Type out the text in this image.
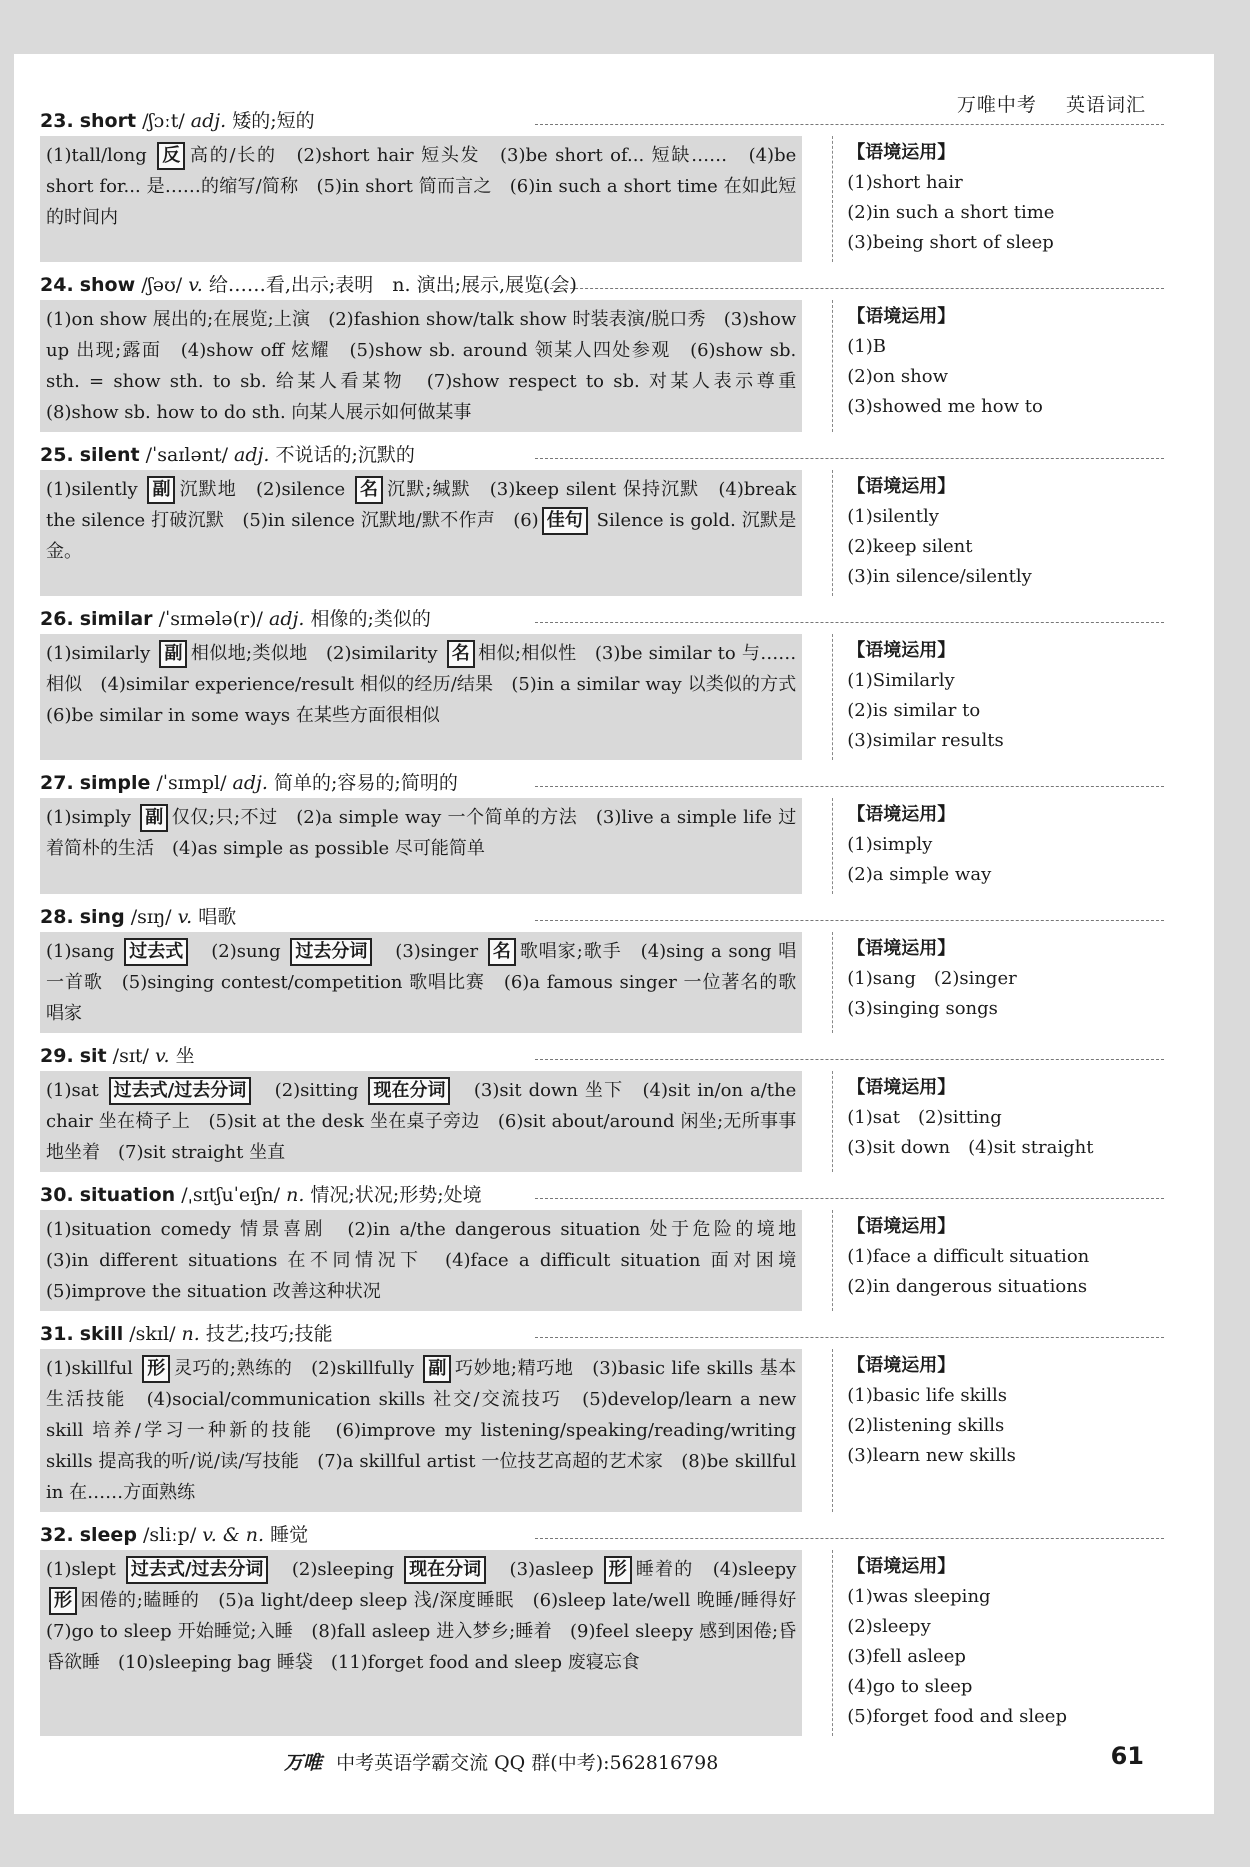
万唯中考 英语词汇
23. short /ʃɔːt/ adj. 矮的;短的
(1)tall/long 反 高的/长的　(2)short hair 短头发　(3)be short of... 短缺……　(4)be short for... 是……的缩写/简称　(5)in short 简而言之　(6)in such a short time 在如此短的时间内
【语境运用】
(1)short hair
(2)in such a short time
(3)being short of sleep
24. show /ʃəʊ/ v. 给……看,出示;表明　n. 演出;展示,展览(会)
(1)on show 展出的;在展览;上演　(2)fashion show/talk show 时装表演/脱口秀　(3)show up 出现;露面　(4)show off 炫耀　(5)show sb. around 领某人四处参观　(6)show sb. sth. = show sth. to sb. 给某人看某物　(7)show respect to sb. 对某人表示尊重　(8)show sb. how to do sth. 向某人展示如何做某事
【语境运用】
(1)B
(2)on show
(3)showed me how to
25. silent /ˈsaɪlənt/ adj. 不说话的;沉默的
(1)silently 副 沉默地　(2)silence 名 沉默;缄默　(3)keep silent 保持沉默　(4)break the silence 打破沉默　(5)in silence 沉默地/默不作声　(6) 佳句 Silence is gold. 沉默是金。
【语境运用】
(1)silently
(2)keep silent
(3)in silence/silently
26. similar /ˈsɪmələ(r)/ adj. 相像的;类似的
(1)similarly 副 相似地;类似地　(2)similarity 名 相似;相似性　(3)be similar to 与……相似　(4)similar experience/result 相似的经历/结果　(5)in a similar way 以类似的方式　(6)be similar in some ways 在某些方面很相似
【语境运用】
(1)Similarly
(2)is similar to
(3)similar results
27. simple /ˈsɪmpl/ adj. 简单的;容易的;简明的
(1)simply 副 仅仅;只;不过　(2)a simple way 一个简单的方法　(3)live a simple life 过着简朴的生活　(4)as simple as possible 尽可能简单
【语境运用】
(1)simply
(2)a simple way
28. sing /sɪŋ/ v. 唱歌
(1)sang 过去式　(2)sung 过去分词　(3)singer 名 歌唱家;歌手　(4)sing a song 唱一首歌　(5)singing contest/competition 歌唱比赛　(6)a famous singer 一位著名的歌唱家
【语境运用】
(1)sang　(2)singer
(3)singing songs
29. sit /sɪt/ v. 坐
(1)sat 过去式/过去分词　(2)sitting 现在分词　(3)sit down 坐下　(4)sit in/on a/the chair 坐在椅子上　(5)sit at the desk 坐在桌子旁边　(6)sit about/around 闲坐;无所事事地坐着　(7)sit straight 坐直
【语境运用】
(1)sat　(2)sitting
(3)sit down　(4)sit straight
30. situation /ˌsɪtʃuˈeɪʃn/ n. 情况;状况;形势;处境
(1)situation comedy 情景喜剧　(2)in a/the dangerous situation 处于危险的境地　(3)in different situations 在不同情况下　(4)face a difficult situation 面对困境　(5)improve the situation 改善这种状况
【语境运用】
(1)face a difficult situation
(2)in dangerous situations
31. skill /skɪl/ n. 技艺;技巧;技能
(1)skillful 形 灵巧的;熟练的　(2)skillfully 副 巧妙地;精巧地　(3)basic life skills 基本生活技能　(4)social/communication skills 社交/交流技巧　(5)develop/learn a new skill 培养/学习一种新的技能　(6)improve my listening/speaking/reading/writing skills 提高我的听/说/读/写技能　(7)a skillful artist 一位技艺高超的艺术家　(8)be skillful in 在……方面熟练
【语境运用】
(1)basic life skills
(2)listening skills
(3)learn new skills
32. sleep /sliːp/ v. & n. 睡觉
(1)slept 过去式/过去分词　(2)sleeping 现在分词　(3)asleep 形 睡着的　(4)sleepy 形 困倦的;瞌睡的　(5)a light/deep sleep 浅/深度睡眠　(6)sleep late/well 晚睡/睡得好　(7)go to sleep 开始睡觉;入睡　(8)fall asleep 进入梦乡;睡着　(9)feel sleepy 感到困倦;昏昏欲睡　(10)sleeping bag 睡袋　(11)forget food and sleep 废寝忘食
【语境运用】
(1)was sleeping
(2)sleepy
(3)fell asleep
(4)go to sleep
(5)forget food and sleep
万唯 中考英语学霸交流 QQ 群(中考):562816798	61
